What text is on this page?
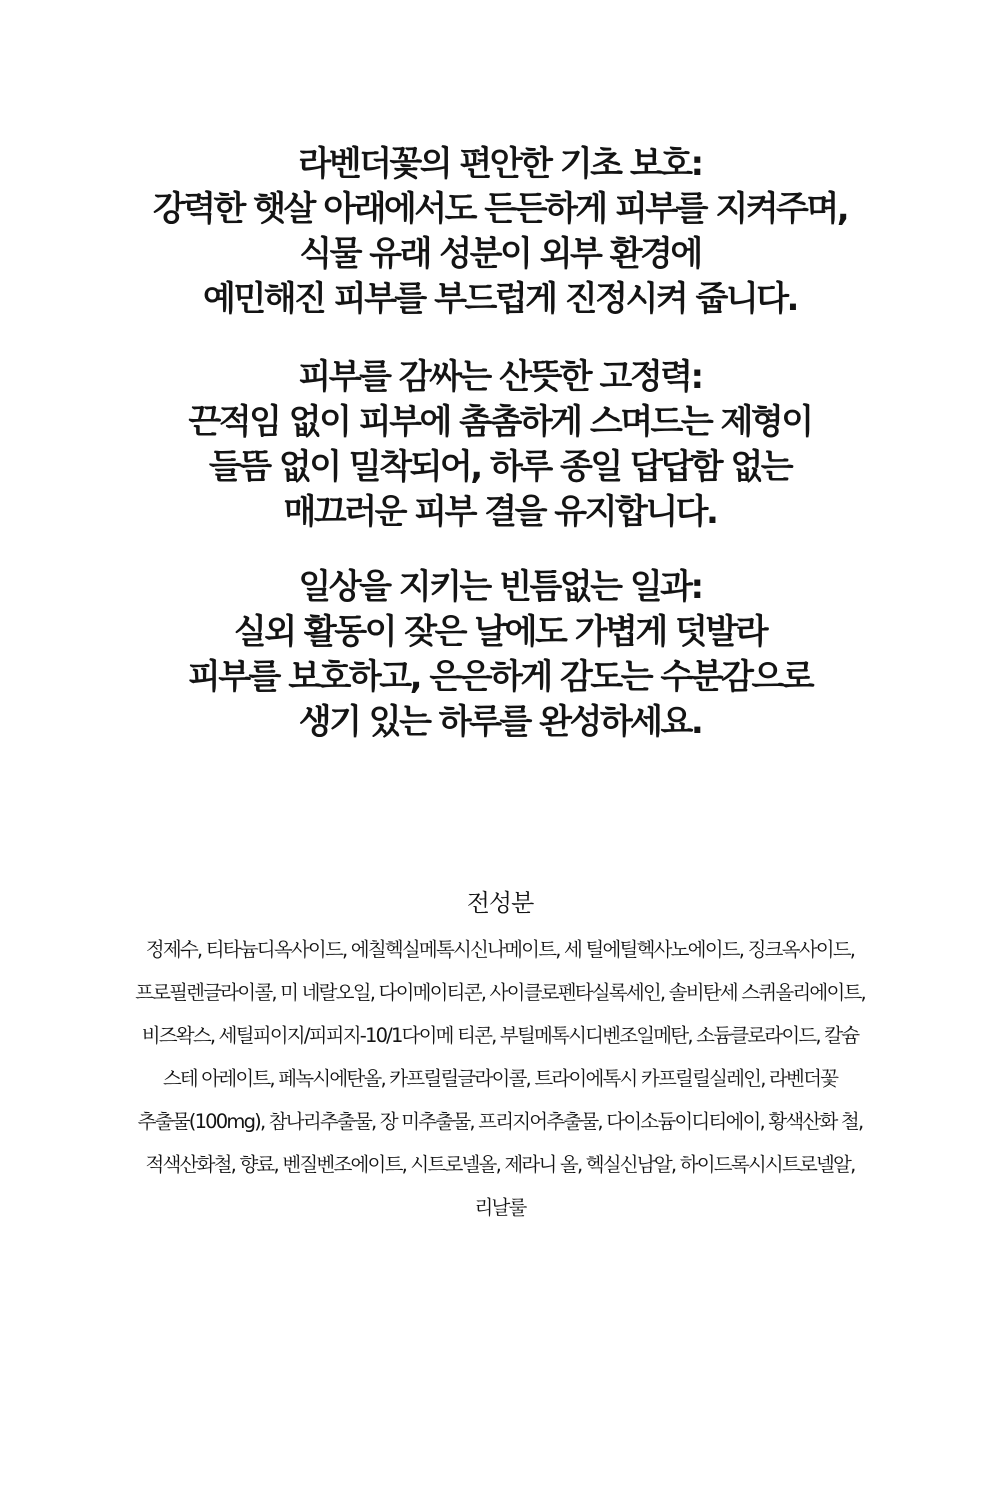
라벤더꽃의 편안한 기초 보호:
강력한 햇살 아래에서도 든든하게 피부를 지켜주며,
식물 유래 성분이 외부 환경에
예민해진 피부를 부드럽게 진정시켜 줍니다.
피부를 감싸는 산뜻한 고정력:
끈적임 없이 피부에 촘촘하게 스며드는 제형이
들뜸 없이 밀착되어, 하루 종일 답답함 없는
매끄러운 피부 결을 유지합니다.
일상을 지키는 빈틈없는 일과:
실외 활동이 잦은 날에도 가볍게 덧발라
피부를 보호하고, 은은하게 감도는 수분감으로
생기 있는 하루를 완성하세요.
전성분
정제수, 티타늄디옥사이드, 에칠헥실메톡시신나메이트, 세 틸에틸헥사노에이드, 징크옥사이드,
프로필렌글라이콜, 미 네랄오일, 다이메이티콘, 사이클로펜타실록세인, 솔비탄세 스퀴올리에이트,
비즈왁스, 세틸피이지/피피지-10/1다이메 티콘, 부틸메톡시디벤조일메탄, 소듐클로라이드, 칼슘
스테 아레이트, 페녹시에탄올, 카프릴릴글라이콜, 트라이에톡시 카프릴릴실레인, 라벤더꽃
추출물(100mg), 참나리추출물, 장 미추출물, 프리지어추출물, 다이소듐이디티에이, 황색산화 철,
적색산화철, 향료, 벤질벤조에이트, 시트로넬올, 제라니 올, 헥실신남알, 하이드록시시트로넬알,
리날룰
